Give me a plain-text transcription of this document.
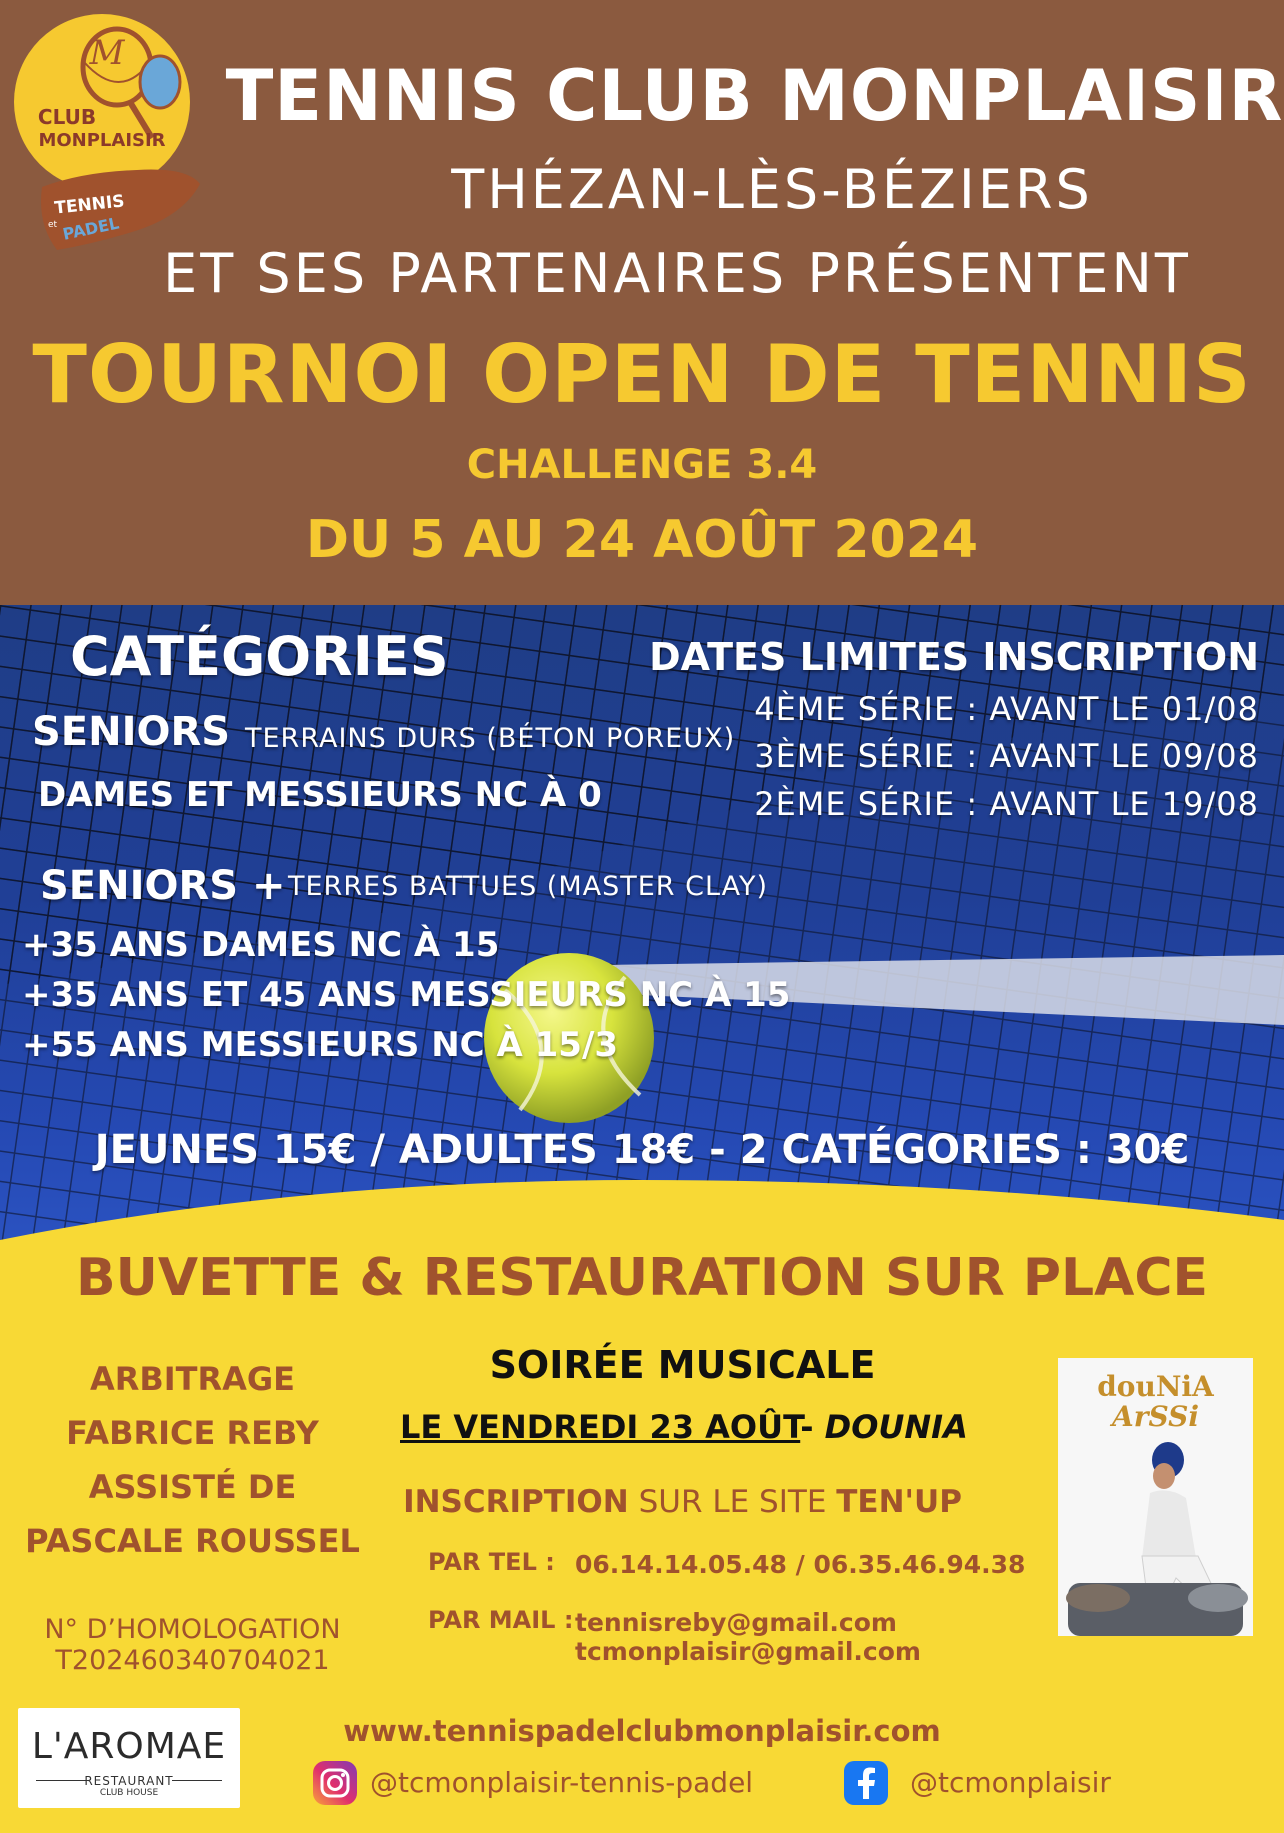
M
CLUB
MONPLAISIR
TENNIS
et PADEL
TENNIS CLUB MONPLAISIR
THÉZAN-LÈS-BÉZIERS
ET SES PARTENAIRES PRÉSENTENT
TOURNOI OPEN DE TENNIS
CHALLENGE 3.4
DU 5 AU 24 AOÛT 2024
CATÉGORIES
SENIORS TERRAINS DURS (BÉTON POREUX)
DAMES ET MESSIEURS NC À 0
SENIORS + TERRES BATTUES (MASTER CLAY)
+35 ANS DAMES NC À 15
+35 ANS ET 45 ANS MESSIEURS NC À 15
+55 ANS MESSIEURS NC À 15/3
DATES LIMITES INSCRIPTION
4ÈME SÉRIE : AVANT LE 01/08
3ÈME SÉRIE : AVANT LE 09/08
2ÈME SÉRIE : AVANT LE 19/08
JEUNES 15€ / ADULTES 18€ - 2 CATÉGORIES : 30€
BUVETTE & RESTAURATION SUR PLACE
ARBITRAGE
FABRICE REBY
ASSISTÉ DE
PASCALE ROUSSEL
N° D’HOMOLOGATION
T202460340704021
SOIRÉE MUSICALE
LE VENDREDI 23 AOÛT- DOUNIA
INSCRIPTION SUR LE SITE TEN'UP
PAR TEL : 06.14.14.05.48 / 06.35.46.94.38
PAR MAIL : tennisreby@gmail.com
tcmonplaisir@gmail.com
www.tennispadelclubmonplaisir.com
@tcmonplaisir-tennis-padel	@tcmonplaisir
L'AROMAE
RESTAURANT
CLUB HOUSE
douNiA
ArSSi
